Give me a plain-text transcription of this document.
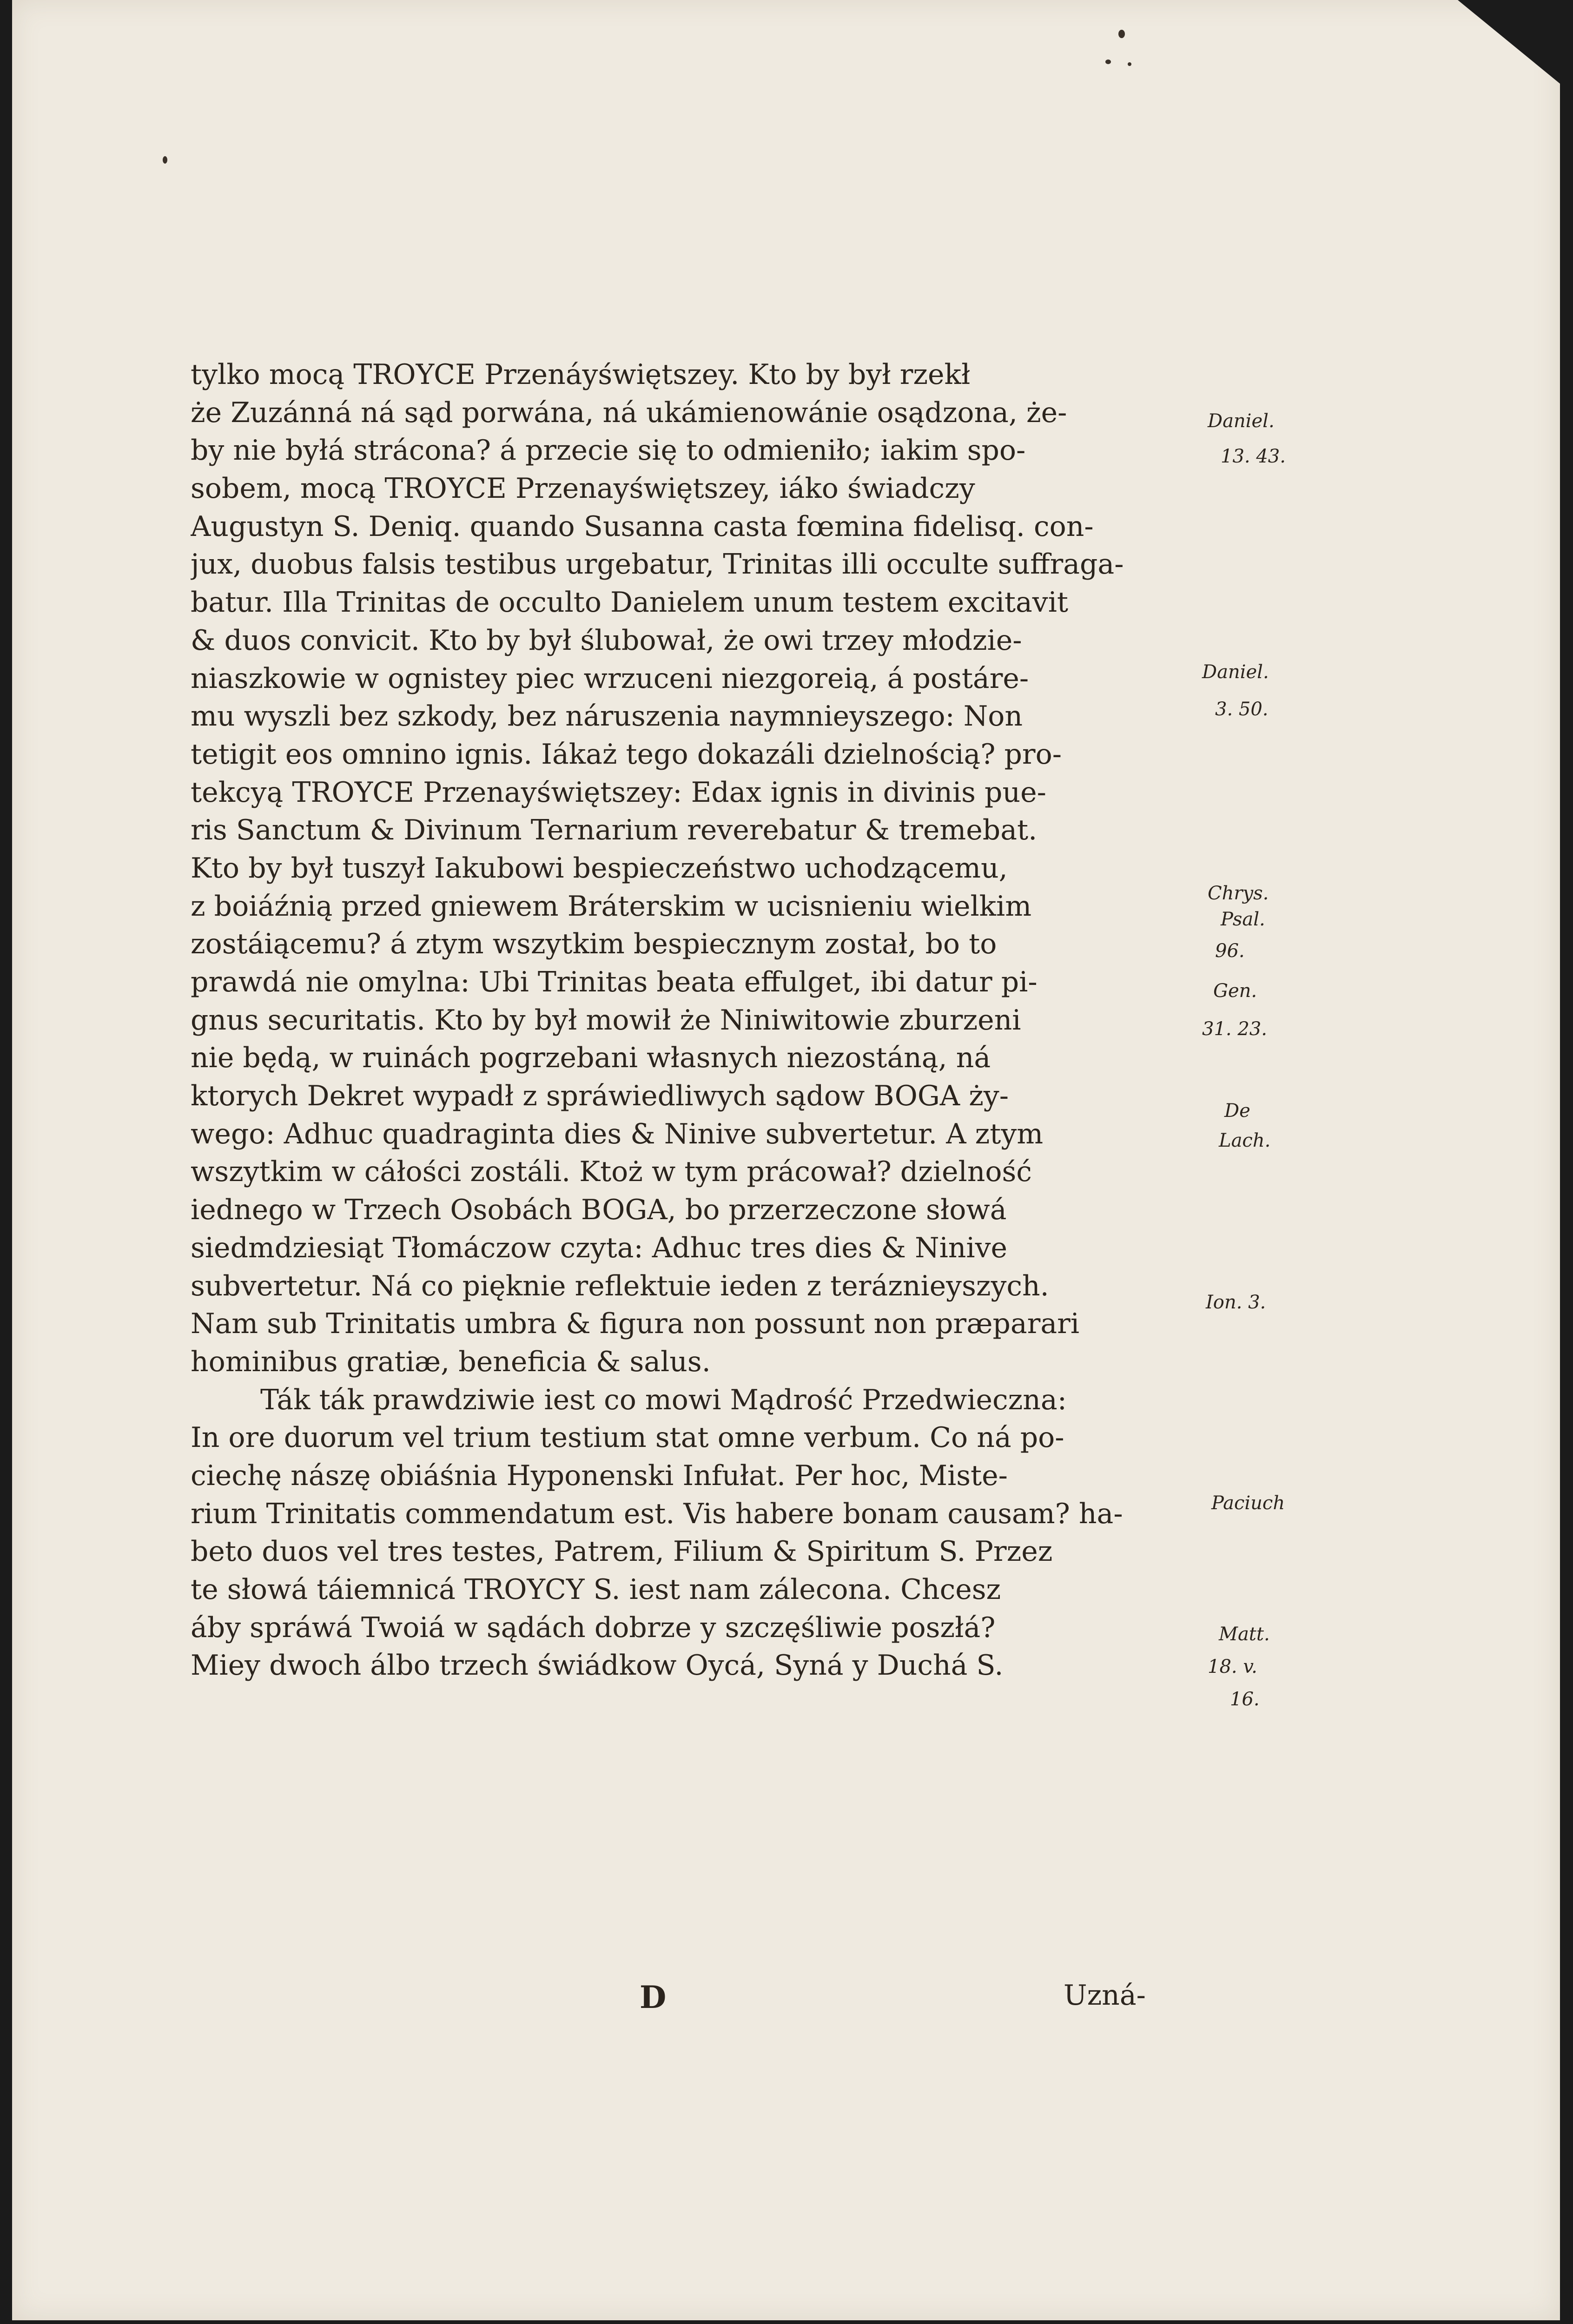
tylko mocą TROYCE Przenáyświętszey. Kto by był rzekł
że Zuzánná ná sąd porwána, ná ukámienowánie osądzona, że-
by nie byłá strácona? á przecie się to odmieniło; iakim spo-
sobem, mocą TROYCE Przenayświętszey, iáko świadczy
Augustyn S. Deniq. quando Susanna casta fœmina fidelisq. con-
jux, duobus falsis testibus urgebatur, Trinitas illi occulte suffraga-
batur. Illa Trinitas de occulto Danielem unum testem excitavit
& duos convicit. Kto by był ślubował, że owi trzey młodzie-
niaszkowie w ognistey piec wrzuceni niezgoreią, á postáre-
mu wyszli bez szkody, bez náruszenia naymnieyszego: Non
tetigit eos omnino ignis. Iákaż tego dokazáli dzielnością? pro-
tekcyą TROYCE Przenayświętszey: Edax ignis in divinis pue-
ris Sanctum & Divinum Ternarium reverebatur & tremebat.
Kto by był tuszył Iakubowi bespieczeństwo uchodzącemu,
z boiáźnią przed gniewem Bráterskim w ucisnieniu wielkim
zostáiącemu? á ztym wszytkim bespiecznym został, bo to
prawdá nie omylna: Ubi Trinitas beata effulget, ibi datur pi-
gnus securitatis. Kto by był mowił że Niniwitowie zburzeni
nie będą, w ruinách pogrzebani własnych niezostáną, ná
ktorych Dekret wypadł z spráwiedliwych sądow BOGA ży-
wego: Adhuc quadraginta dies & Ninive subvertetur. A ztym
wszytkim w cáłości zostáli. Ktoż w tym prácował? dzielność
iednego w Trzech Osobách BOGA, bo przerzeczone słowá
siedmdziesiąt Tłomáczow czyta: Adhuc tres dies & Ninive
subvertetur. Ná co pięknie reflektuie ieden z teráznieyszych.
Nam sub Trinitatis umbra & figura non possunt non præparari
hominibus gratiæ, beneficia & salus.
Ták ták prawdziwie iest co mowi Mądrość Przedwieczna:
In ore duorum vel trium testium stat omne verbum. Co ná po-
ciechę nászę obiáśnia Hyponenski Infułat. Per hoc, Miste-
rium Trinitatis commendatum est. Vis habere bonam causam? ha-
beto duos vel tres testes, Patrem, Filium & Spiritum S. Przez
te słowá táiemnicá TROYCY S. iest nam zálecona. Chcesz
áby spráwá Twoiá w sądách dobrze y szczęśliwie poszłá?
Miey dwoch álbo trzech świádkow Oycá, Syná y Duchá S.
D	Uzná-
Daniel.
13. 43.
Daniel.
3. 50.
Chrys.
Psal.
96.
Gen.
31. 23.
De
Lach.
Ion. 3.
Paciuch
Matt.
18. v.
16.
